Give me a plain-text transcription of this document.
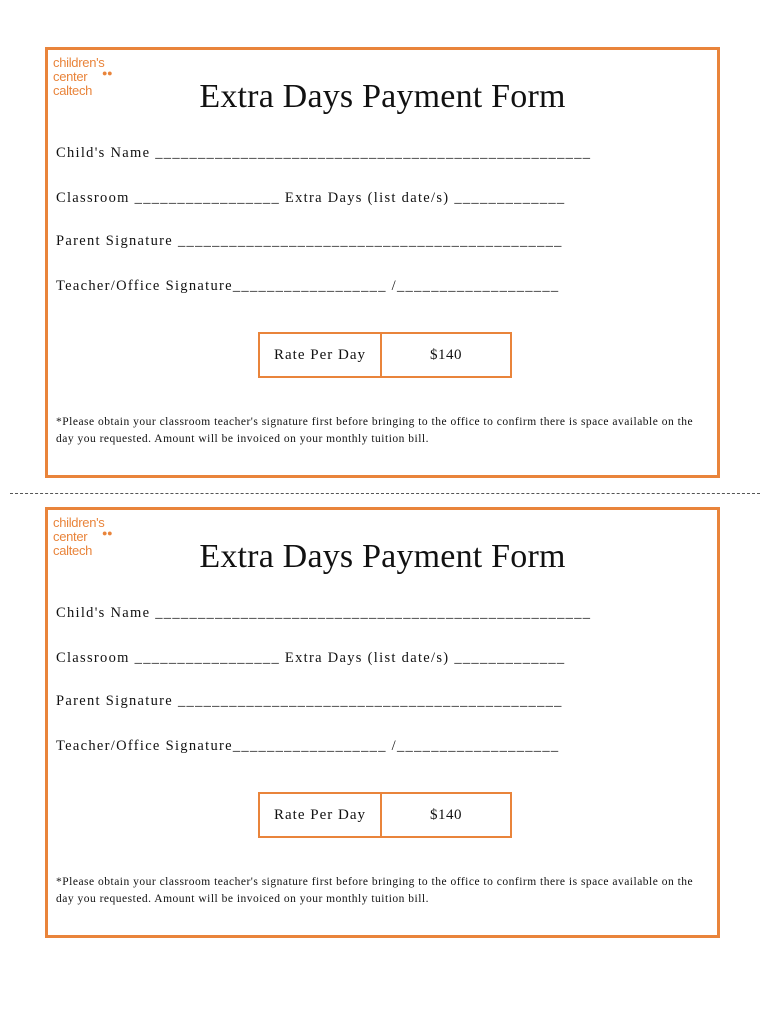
children's
center ●●
caltech	Extra Days Payment Form
Child's Name ___________________________________________________
Classroom _________________ Extra Days (list date/s) _____________
Parent Signature _____________________________________________
Teacher/Office Signature__________________ /___________________
Rate Per Day	$140
*Please obtain your classroom teacher's signature first before bringing to the office to confirm there is space available on the day you requested. Amount will be invoiced on your monthly tuition bill.
children's
center ●●
caltech	Extra Days Payment Form
Child's Name ___________________________________________________
Classroom _________________ Extra Days (list date/s) _____________
Parent Signature _____________________________________________
Teacher/Office Signature__________________ /___________________
Rate Per Day	$140
*Please obtain your classroom teacher's signature first before bringing to the office to confirm there is space available on the day you requested. Amount will be invoiced on your monthly tuition bill.
